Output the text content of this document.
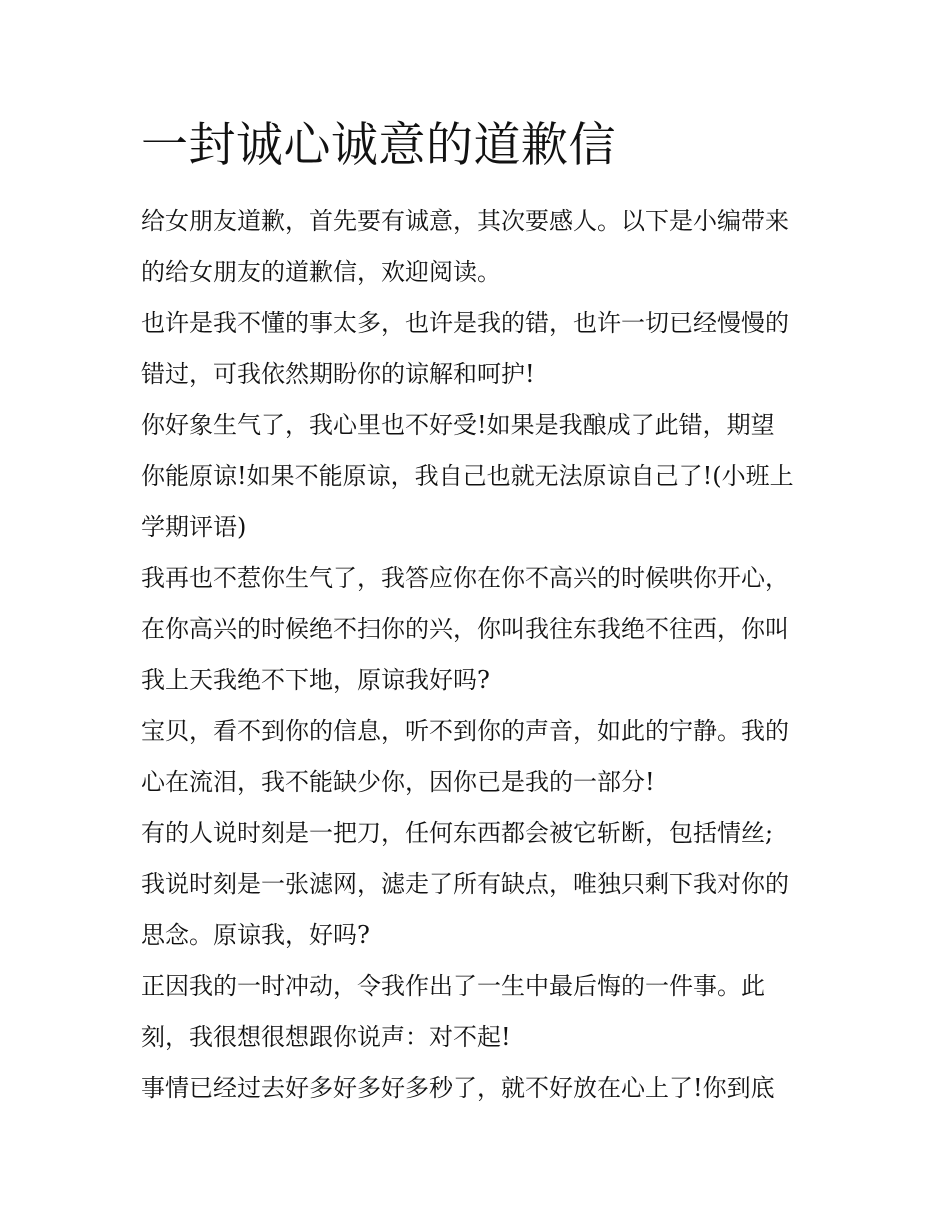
一封诚心诚意的道歉信

给女朋友道歉，首先要有诚意，其次要感人。以下是小编带来

的给女朋友的道歉信，欢迎阅读。

也许是我不懂的事太多，也许是我的错，也许一切已经慢慢的

错过，可我依然期盼你的谅解和呵护!

你好象生气了，我心里也不好受!如果是我酿成了此错，期望

你能原谅!如果不能原谅，我自己也就无法原谅自己了!(小班上

学期评语)

我再也不惹你生气了，我答应你在你不高兴的时候哄你开心，

在你高兴的时候绝不扫你的兴，你叫我往东我绝不往西，你叫

我上天我绝不下地，原谅我好吗?

宝贝，看不到你的信息，听不到你的声音，如此的宁静。我的

心在流泪，我不能缺少你，因你已是我的一部分!

有的人说时刻是一把刀，任何东西都会被它斩断，包括情丝;

我说时刻是一张滤网，滤走了所有缺点，唯独只剩下我对你的

思念。原谅我，好吗?

正因我的一时冲动，令我作出了一生中最后悔的一件事。此

刻，我很想很想跟你说声：对不起!

事情已经过去好多好多好多秒了，就不好放在心上了!你到底
